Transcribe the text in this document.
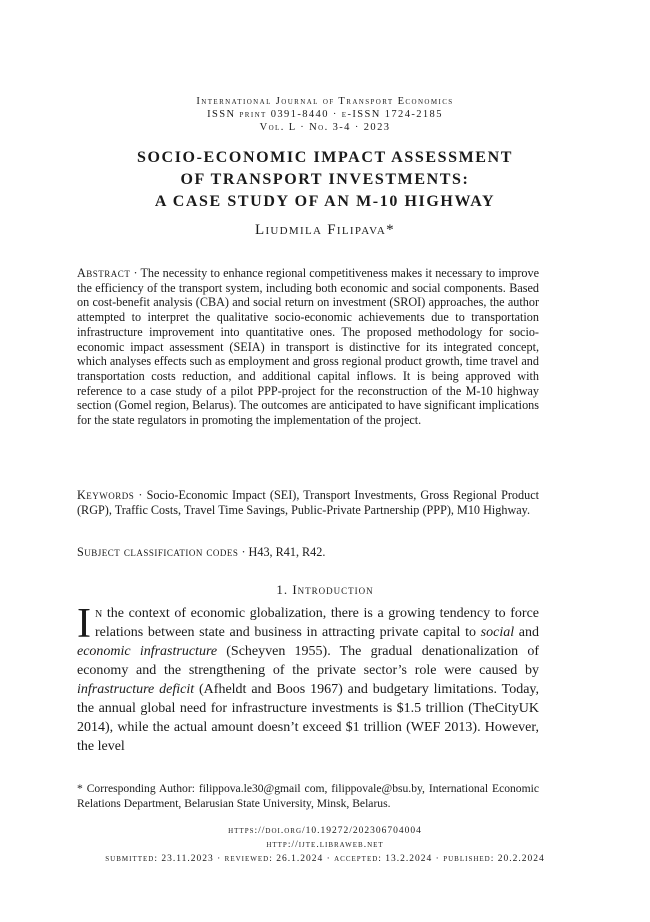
International Journal of Transport Economics
ISSN print 0391-8440 · e-ISSN 1724-2185
Vol. L · No. 3-4 · 2023
SOCIO-ECONOMIC IMPACT ASSESSMENT
OF TRANSPORT INVESTMENTS:
A CASE STUDY OF AN M-10 HIGHWAY
Liudmila Filipava*
Abstract · The necessity to enhance regional competitiveness makes it necessary to improve the efficiency of the transport system, including both economic and social components. Based on cost-benefit analysis (CBA) and social return on investment (SROI) approaches, the author attempted to interpret the qualitative socio-economic achievements due to transportation infrastructure improvement into quantitative ones. The proposed methodology for socio-economic impact assessment (SEIA) in transport is distinctive for its integrated concept, which analyses effects such as employment and gross regional product growth, time travel and transportation costs reduction, and additional capital inflows. It is being approved with reference to a case study of a pilot PPP-project for the reconstruction of the M-10 highway section (Gomel region, Belarus). The outcomes are anticipated to have significant implications for the state regulators in promoting the implementation of the project.
Keywords · Socio-Economic Impact (SEI), Transport Investments, Gross Regional Product (RGP), Traffic Costs, Travel Time Savings, Public-Private Partnership (PPP), M10 Highway.
Subject classification codes · H43, R41, R42.
1. Introduction
In the context of economic globalization, there is a growing tendency to force relations between state and business in attracting private capital to social and economic infrastructure (Scheyven 1955). The gradual denationalization of economy and the strengthening of the private sector’s role were caused by infrastructure deficit (Afheldt and Boos 1967) and budgetary limitations. Today, the annual global need for infrastructure investments is $1.5 trillion (TheCityUK 2014), while the actual amount doesn’t exceed $1 trillion (WEF 2013). However, the level
* Corresponding Author: filippova.le30@gmail com, filippovale@bsu.by, International Economic Relations Department, Belarusian State University, Minsk, Belarus.
https://doi.org/10.19272/202306704004
http://ijte.libraweb.net
submitted: 23.11.2023 · reviewed: 26.1.2024 · accepted: 13.2.2024 · published: 20.2.2024
